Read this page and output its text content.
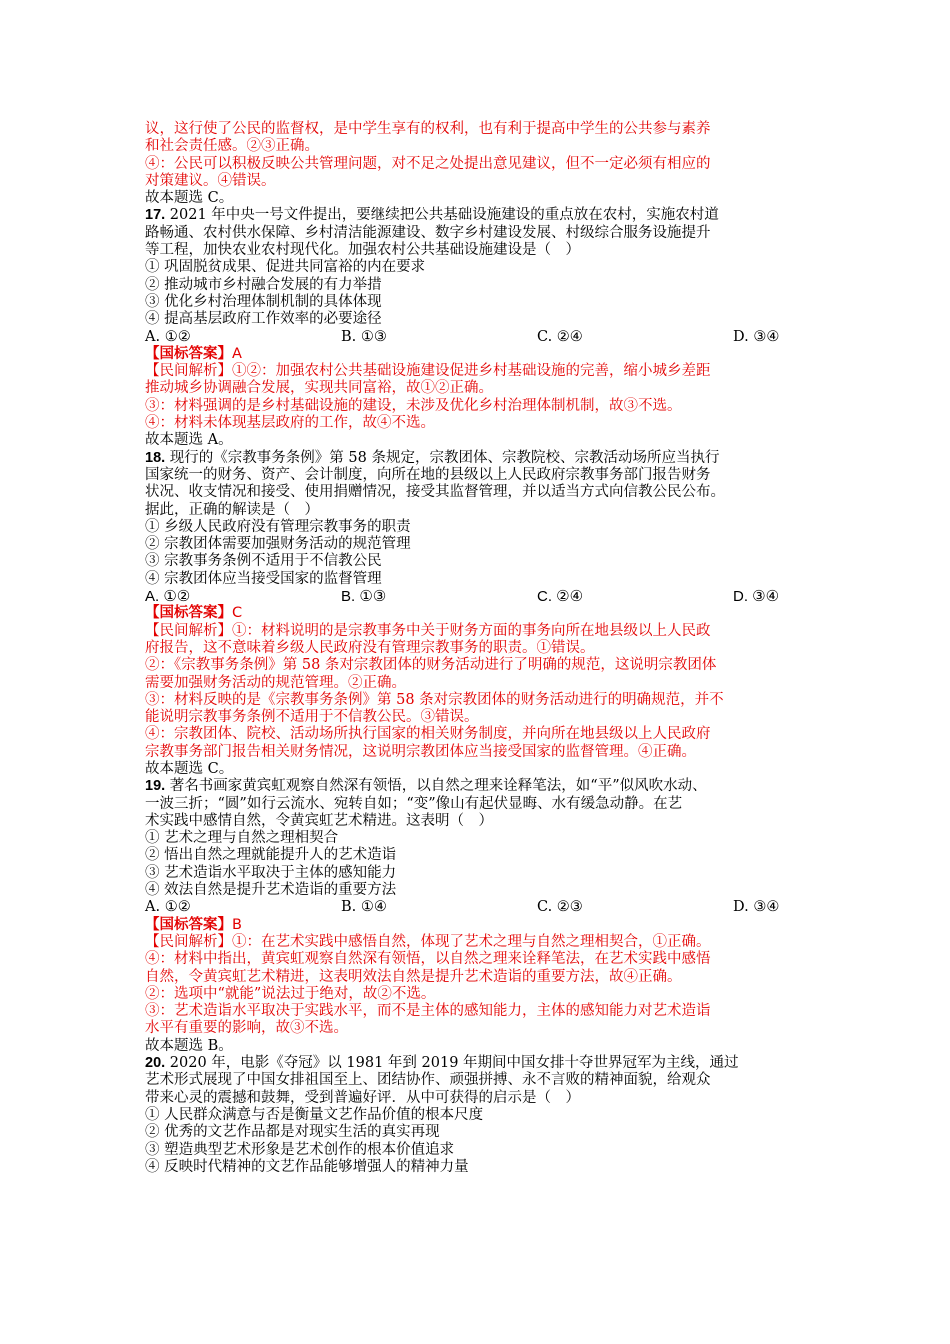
议，这行使了公民的监督权，是中学生享有的权利，也有利于提高中学生的公共参与素养
和社会责任感。②③正确。
④：公民可以积极反映公共管理问题，对不足之处提出意见建议，但不一定必须有相应的
对策建议。④错误。
故本题选 C。
17. 2021 年中央一号文件提出，要继续把公共基础设施建设的重点放在农村，实施农村道
路畅通、农村供水保障、乡村清洁能源建设、数字乡村建设发展、村级综合服务设施提升
等工程，加快农业农村现代化。加强农村公共基础设施建设是（　）
① 巩固脱贫成果、促进共同富裕的内在要求
② 推动城市乡村融合发展的有力举措
③ 优化乡村治理体制机制的具体体现
④ 提高基层政府工作效率的必要途径
A. ①②	B. ①③	C. ②④	D. ③④
【国标答案】A
【民间解析】①②：加强农村公共基础设施建设促进乡村基础设施的完善，缩小城乡差距
推动城乡协调融合发展，实现共同富裕，故①②正确。
③：材料强调的是乡村基础设施的建设，未涉及优化乡村治理体制机制，故③不选。
④：材料未体现基层政府的工作，故④不选。
故本题选 A。
18. 现行的《宗教事务条例》第 58 条规定，宗教团体、宗教院校、宗教活动场所应当执行
国家统一的财务、资产、会计制度，向所在地的县级以上人民政府宗教事务部门报告财务
状况、收支情况和接受、使用捐赠情况，接受其监督管理，并以适当方式向信教公民公布。
据此，正确的解读是（　）
① 乡级人民政府没有管理宗教事务的职责
② 宗教团体需要加强财务活动的规范管理
③ 宗教事务条例不适用于不信教公民
④ 宗教团体应当接受国家的监督管理
A. ①②	B. ①③	C. ②④	D. ③④
【国标答案】C
【民间解析】①：材料说明的是宗教事务中关于财务方面的事务向所在地县级以上人民政
府报告，这不意味着乡级人民政府没有管理宗教事务的职责。①错误。
②：《宗教事务条例》第 58 条对宗教团体的财务活动进行了明确的规范，这说明宗教团体
需要加强财务活动的规范管理。②正确。
③：材料反映的是《宗教事务条例》第 58 条对宗教团体的财务活动进行的明确规范，并不
能说明宗教事务条例不适用于不信教公民。③错误。
④：宗教团体、院校、活动场所执行国家的相关财务制度，并向所在地县级以上人民政府
宗教事务部门报告相关财务情况，这说明宗教团体应当接受国家的监督管理。④正确。
故本题选 C。
19. 著名书画家黄宾虹观察自然深有领悟，以自然之理来诠释笔法，如“平”似风吹水动、
一波三折；“圆”如行云流水、宛转自如；“变”像山有起伏显晦、水有缓急动静。在艺
术实践中感情自然，令黄宾虹艺术精进。这表明（　）
① 艺术之理与自然之理相契合
② 悟出自然之理就能提升人的艺术造诣
③ 艺术造诣水平取决于主体的感知能力
④ 效法自然是提升艺术造诣的重要方法
A. ①②	B. ①④	C. ②③	D. ③④
【国标答案】B
【民间解析】①：在艺术实践中感悟自然，体现了艺术之理与自然之理相契合，①正确。
④：材料中指出，黄宾虹观察自然深有领悟，以自然之理来诠释笔法，在艺术实践中感悟
自然，令黄宾虹艺术精进，这表明效法自然是提升艺术造诣的重要方法，故④正确。
②：选项中“就能”说法过于绝对，故②不选。
③：艺术造诣水平取决于实践水平，而不是主体的感知能力，主体的感知能力对艺术造诣
水平有重要的影响，故③不选。
故本题选 B。
20. 2020 年，电影《夺冠》以 1981 年到 2019 年期间中国女排十夺世界冠军为主线，通过
艺术形式展现了中国女排祖国至上、团结协作、顽强拼搏、永不言败的精神面貌，给观众
带来心灵的震撼和鼓舞，受到普遍好评．从中可获得的启示是（　）
① 人民群众满意与否是衡量文艺作品价值的根本尺度
② 优秀的文艺作品都是对现实生活的真实再现
③ 塑造典型艺术形象是艺术创作的根本价值追求
④ 反映时代精神的文艺作品能够增强人的精神力量
